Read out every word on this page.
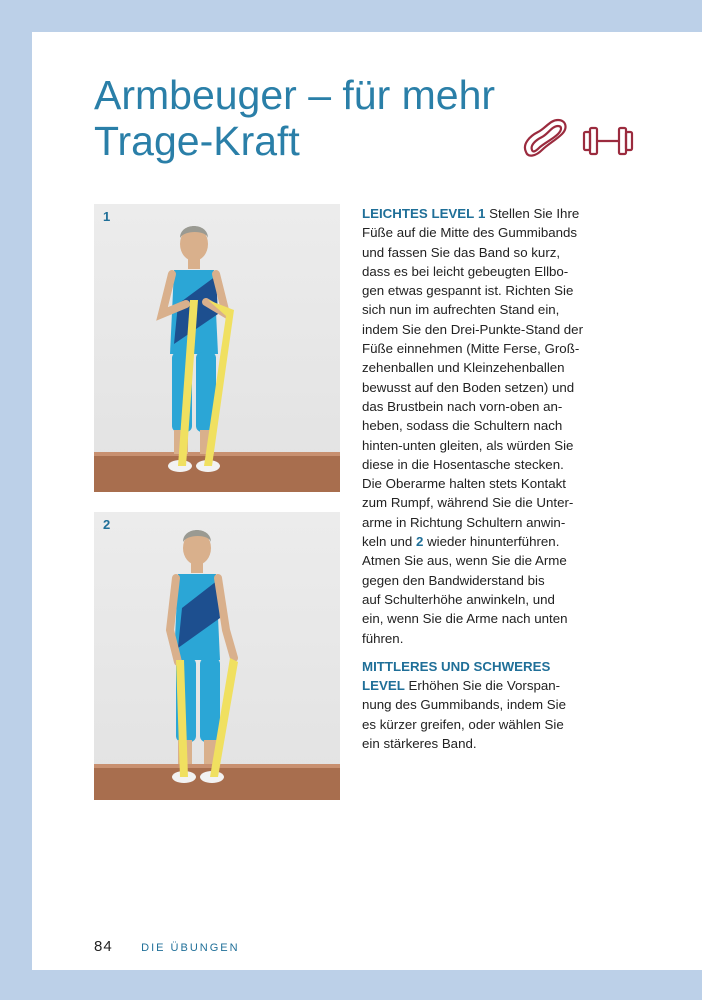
Armbeuger – für mehr
Trage-Kraft
1
2

LEICHTES LEVEL 1 Stellen Sie Ihre
Füße auf die Mitte des Gummibands
und fassen Sie das Band so kurz,
dass es bei leicht gebeugten Ellbo-
gen etwas gespannt ist. Richten Sie
sich nun im aufrechten Stand ein,
indem Sie den Drei-Punkte-Stand der
Füße einnehmen (Mitte Ferse, Groß-
zehenballen und Kleinzehenballen
bewusst auf den Boden setzen) und
das Brustbein nach vorn-oben an-
heben, sodass die Schultern nach
hinten-unten gleiten, als würden Sie
diese in die Hosentasche stecken.
Die Oberarme halten stets Kontakt
zum Rumpf, während Sie die Unter-
arme in Richtung Schultern anwin-
keln und 2 wieder hinunterführen.
Atmen Sie aus, wenn Sie die Arme
gegen den Bandwiderstand bis
auf Schulterhöhe anwinkeln, und
ein, wenn Sie die Arme nach unten
führen.

MITTLERES UND SCHWERES
LEVEL Erhöhen Sie die Vorspan-
nung des Gummibands, indem Sie
es kürzer greifen, oder wählen Sie
ein stärkeres Band.

84	DIE ÜBUNGEN
